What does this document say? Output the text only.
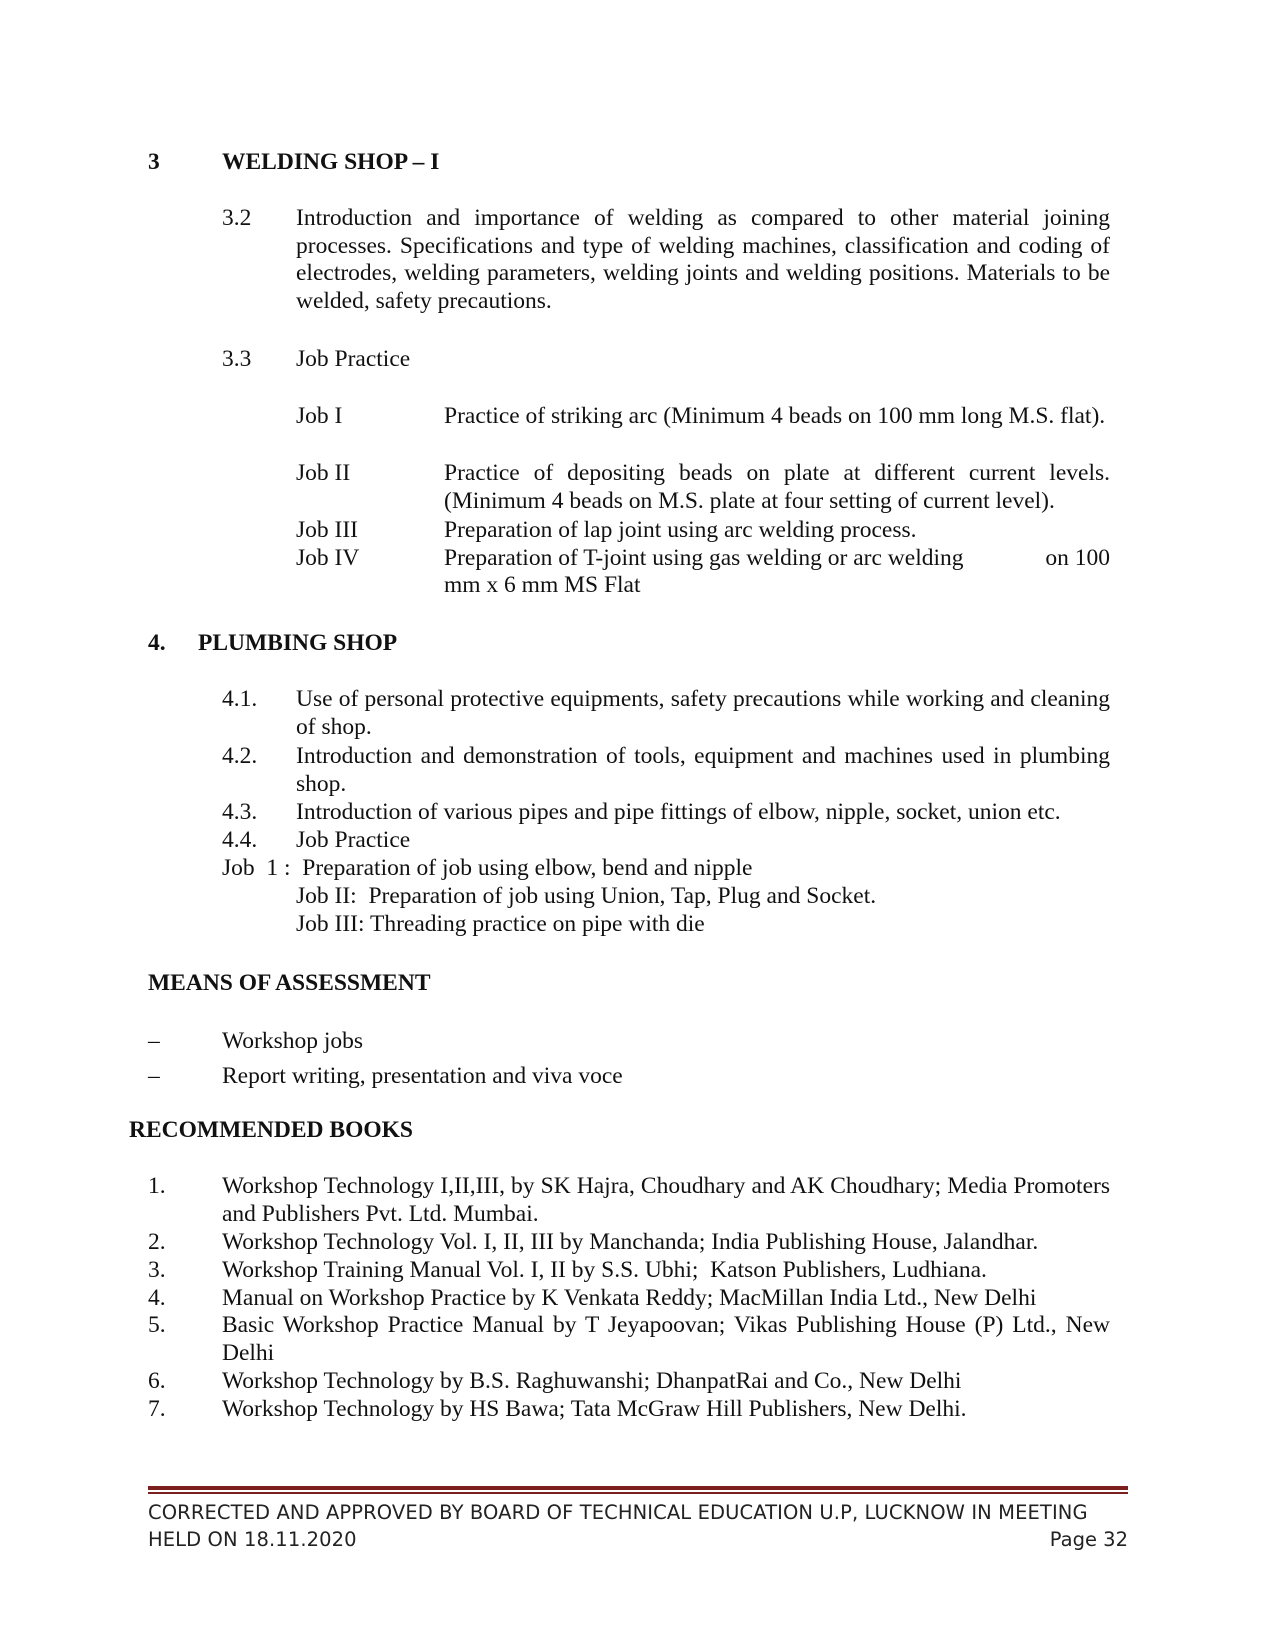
3	WELDING SHOP – I
3.2 Introduction and importance of welding as compared to other material joining processes. Specifications and type of welding machines, classification and coding of electrodes, welding parameters, welding joints and welding positions. Materials to be welded, safety precautions.
3.3 Job Practice
Job I	Practice of striking arc (Minimum 4 beads on 100 mm long M.S. flat).
Job II	Practice of depositing beads on plate at different current levels. (Minimum 4 beads on M.S. plate at four setting of current level).
Job III	Preparation of lap joint using arc welding process.
Job IV	Preparation of T-joint using gas welding or arc welding	on 100
mm x 6 mm MS Flat
4. PLUMBING SHOP
4.1. Use of personal protective equipments, safety precautions while working and cleaning of shop.
4.2. Introduction and demonstration of tools, equipment and machines used in plumbing shop.
4.3. Introduction of various pipes and pipe fittings of elbow, nipple, socket, union etc.
4.4. Job Practice
Job  1 :  Preparation of job using elbow, bend and nipple
Job II:  Preparation of job using Union, Tap, Plug and Socket.
Job III: Threading practice on pipe with die
MEANS OF ASSESSMENT
–	Workshop jobs
–	Report writing, presentation and viva voce
RECOMMENDED BOOKS
1. Workshop Technology I,II,III, by SK Hajra, Choudhary and AK Choudhary; Media Promoters and Publishers Pvt. Ltd. Mumbai.
2. Workshop Technology Vol. I, II, III by Manchanda; India Publishing House, Jalandhar.
3. Workshop Training Manual Vol. I, II by S.S. Ubhi;  Katson Publishers, Ludhiana.
4. Manual on Workshop Practice by K Venkata Reddy; MacMillan India Ltd., New Delhi
5. Basic Workshop Practice Manual by T Jeyapoovan; Vikas Publishing House (P) Ltd., New Delhi
6. Workshop Technology by B.S. Raghuwanshi; DhanpatRai and Co., New Delhi
7. Workshop Technology by HS Bawa; Tata McGraw Hill Publishers, New Delhi.
CORRECTED AND APPROVED BY BOARD OF TECHNICAL EDUCATION U.P, LUCKNOW IN MEETING
HELD ON 18.11.2020	Page 32
